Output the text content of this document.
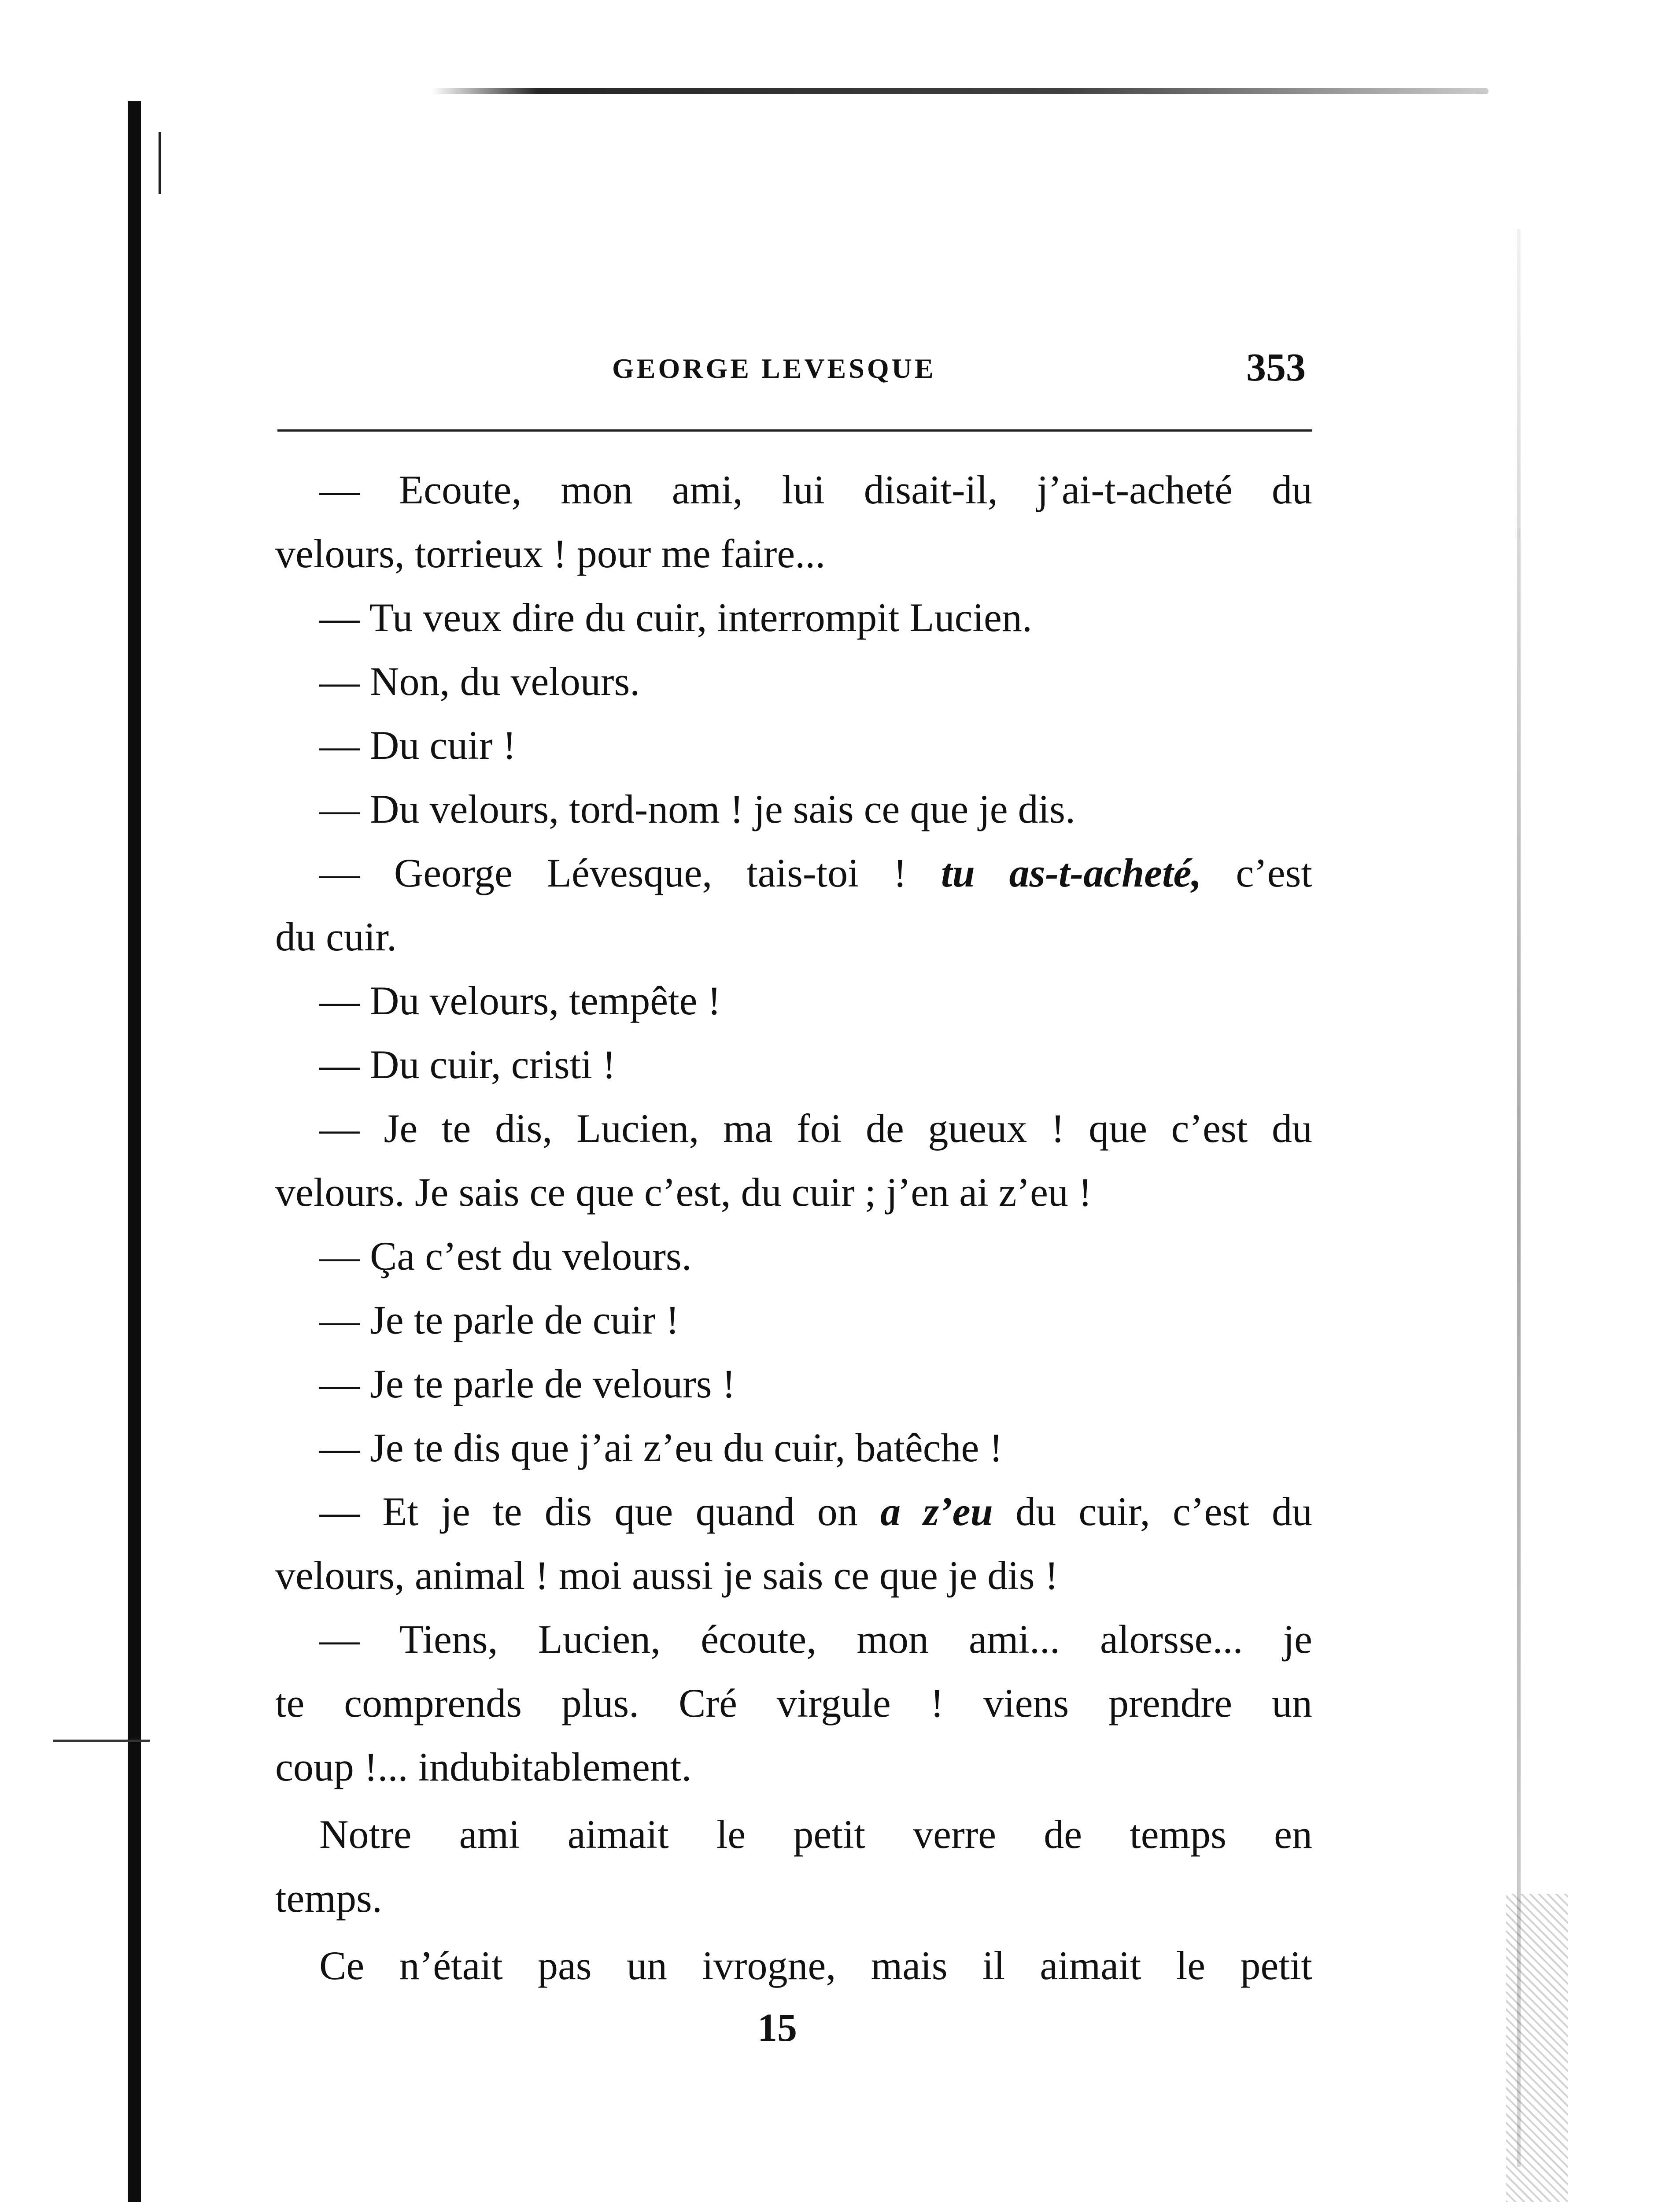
GEORGE LEVESQUE	353
— Ecoute, mon ami, lui disait-il, j’ai-t-acheté du
velours, torrieux ! pour me faire...
— Tu veux dire du cuir, interrompit Lucien.
— Non, du velours.
— Du cuir !
— Du velours, tord-nom ! je sais ce que je dis.
— George Lévesque, tais-toi ! tu as-t-acheté, c’est
du cuir.
— Du velours, tempête !
— Du cuir, cristi !
— Je te dis, Lucien, ma foi de gueux ! que c’est du
velours. Je sais ce que c’est, du cuir ; j’en ai z’eu !
— Ça c’est du velours.
— Je te parle de cuir !
— Je te parle de velours !
— Je te dis que j’ai z’eu du cuir, batêche !
— Et je te dis que quand on a z’eu du cuir, c’est du
velours, animal ! moi aussi je sais ce que je dis !
— Tiens, Lucien, écoute, mon ami... alorsse... je
te comprends plus. Cré virgule ! viens prendre un
coup !... indubitablement.
Notre ami aimait le petit verre de temps en
temps.
Ce n’était pas un ivrogne, mais il aimait le petit
15
